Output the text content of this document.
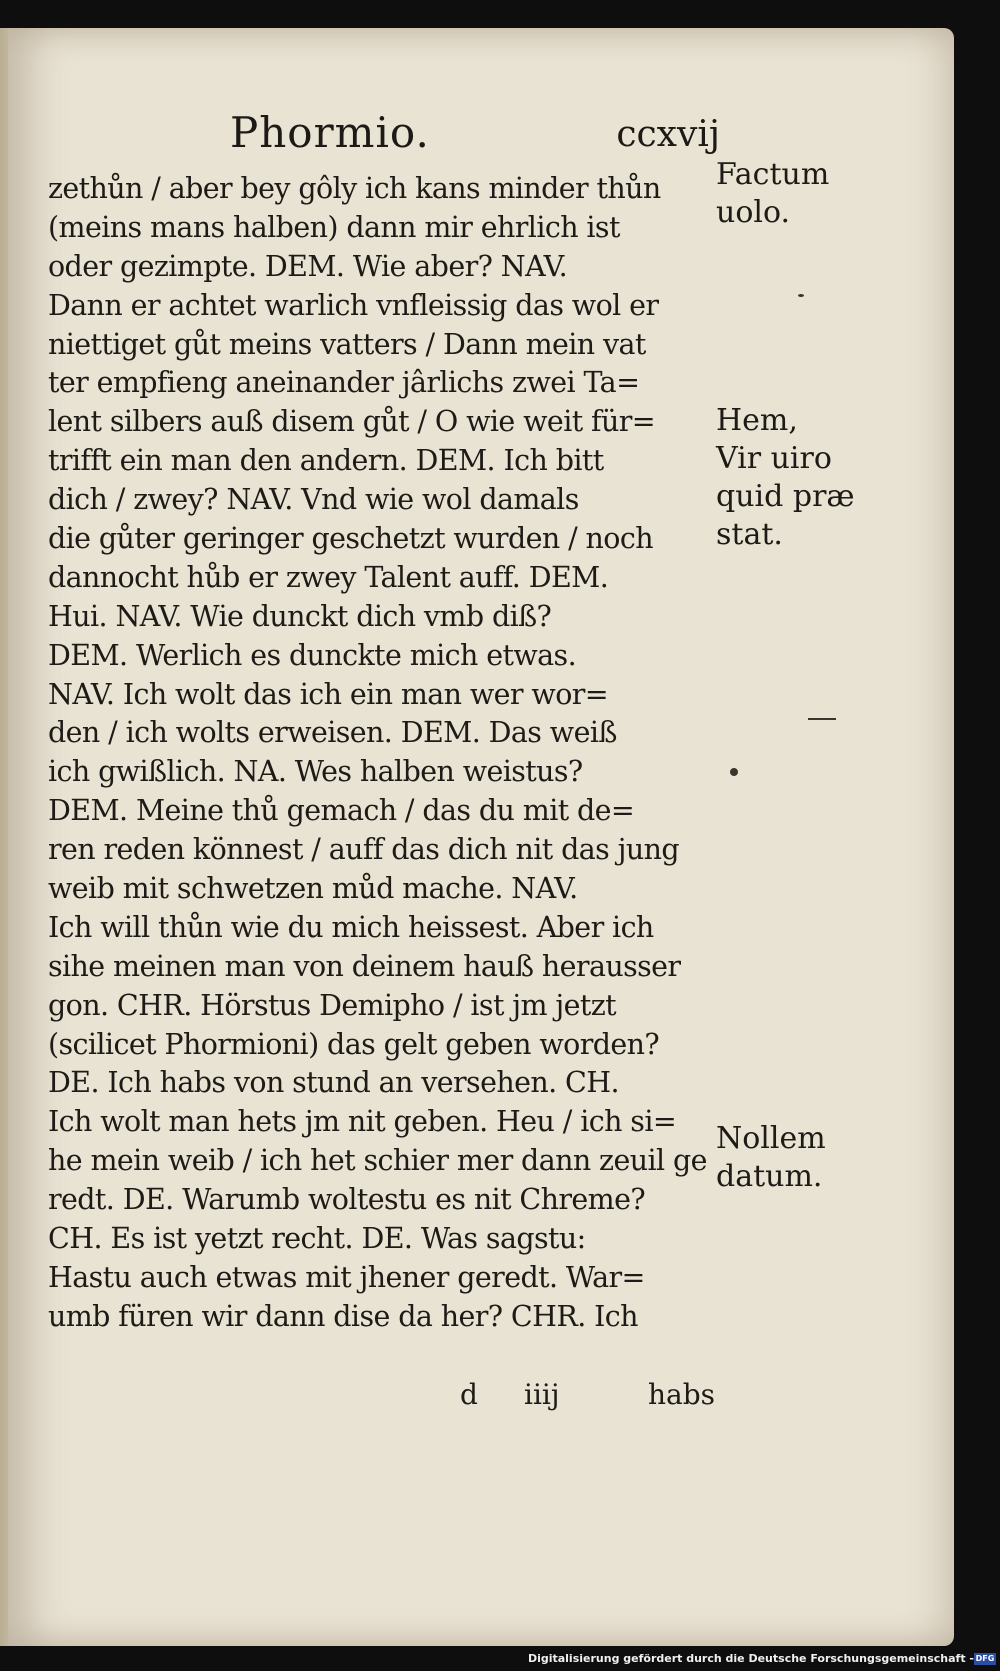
Phormio.	ccxvij
zethůn / aber bey gôly ich kans minder thůn
(meins mans halben) dann mir ehrlich ist
oder gezimpte. DEM. Wie aber? NAV.
Dann er achtet warlich vnfleissig das wol er
niettiget gůt meins vatters / Dann mein vat
ter empfieng aneinander jârlichs zwei Ta=
lent silbers auß disem gůt / O wie weit für=
trifft ein man den andern. DEM. Ich bitt
dich / zwey? NAV. Vnd wie wol damals
die gůter geringer geschetzt wurden / noch
dannocht hůb er zwey Talent auff. DEM.
Hui. NAV. Wie dunckt dich vmb diß?
DEM. Werlich es dunckte mich etwas.
NAV. Ich wolt das ich ein man wer wor=
den / ich wolts erweisen. DEM. Das weiß
ich gwißlich. NA. Wes halben weistus?
DEM. Meine thů gemach / das du mit de=
ren reden könnest / auff das dich nit das jung
weib mit schwetzen můd mache. NAV.
Ich will thůn wie du mich heissest. Aber ich
sihe meinen man von deinem hauß herausser
gon. CHR. Hörstus Demipho / ist jm jetzt
(scilicet Phormioni) das gelt geben worden?
DE. Ich habs von stund an versehen. CH.
Ich wolt man hets jm nit geben. Heu / ich si=
he mein weib / ich het schier mer dann zeuil ge
redt. DE. Warumb woltestu es nit Chreme?
CH. Es ist yetzt recht. DE. Was sagstu:
Hastu auch etwas mit jhener geredt. War=
umb füren wir dann dise da her? CHR. Ich
d iiij	habs
Factum
uolo.
Hem,
Vir uiro
quid præ
stat.
Nollem
datum.
Digitalisierung gefördert durch die Deutsche Forschungsgemeinschaft - DFG
